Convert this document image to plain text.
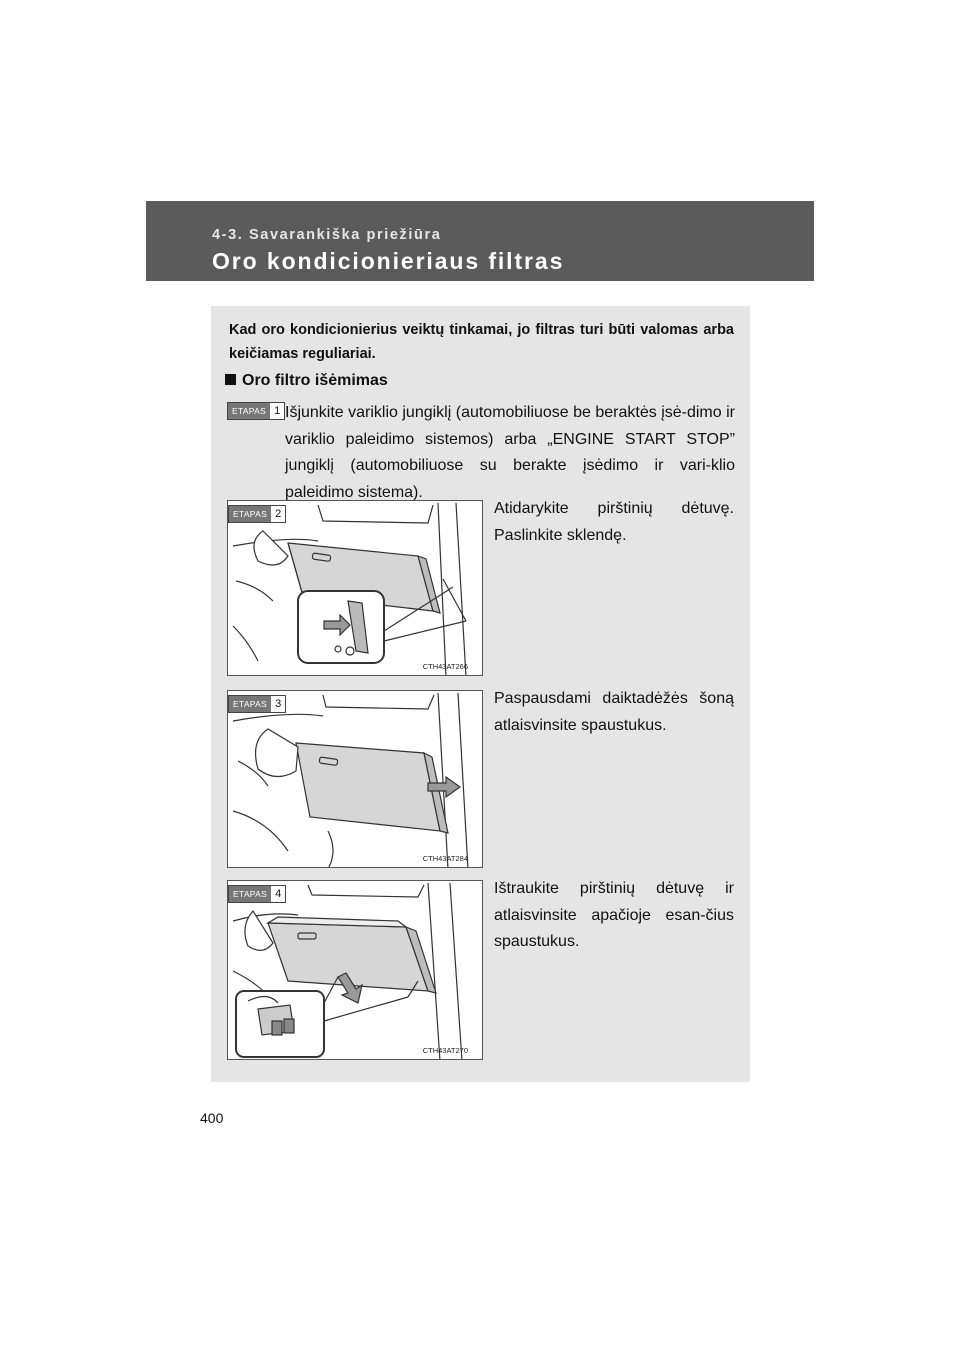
4-3. Savarankiška priežiūra
Oro kondicionieriaus filtras
Kad oro kondicionierius veiktų tinkamai, jo filtras turi būti valomas arba keičiamas reguliariai.
Oro filtro išėmimas
ETAPAS 1 Išjunkite variklio jungiklį (automobiliuose be beraktės įsė-dimo ir variklio paleidimo sistemos) arba „ENGINE START STOP” jungiklį (automobiliuose su berakte įsėdimo ir vari-klio paleidimo sistema).
CTH43AT266
ETAPAS 2	Atidarykite pirštinių dėtuvę. Paslinkite sklendę.
CTH43AT284
ETAPAS 3	Paspausdami daiktadėžės šoną atlaisvinsite spaustukus.
CTH43AT270
ETAPAS 4	Ištraukite pirštinių dėtuvę ir atlaisvinsite apačioje esan-čius spaustukus.
400
